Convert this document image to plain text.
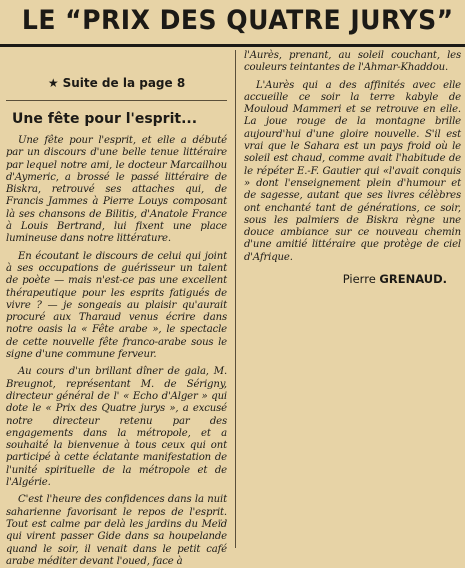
LE “PRIX DES QUATRE JURYS”
★ Suite de la page 8
Une fête pour l'esprit...

Une fête pour l'esprit, et elle a débuté par un discours d'une belle tenue littéraire par lequel notre ami, le docteur Marcailhou d'Aymeric, a brossé le passé littéraire de Biskra, retrouvé ses attaches qui, de Francis Jammes à Pierre Louys composant là ses chansons de Bilitis, d'Anatole France à Louis Bertrand, lui fixent une place lumineuse dans notre littérature.

En écoutant le discours de celui qui joint à ses occupations de guérisseur un talent de poète — mais n'est-ce pas une excellent thérapeutique pour les esprits fatigués de vivre ? — je songeais au plaisir qu'aurait procuré aux Tharaud venus écrire dans notre oasis la « Fête arabe », le spectacle de cette nouvelle fête franco-arabe sous le signe d'une commune ferveur.

Au cours d'un brillant dîner de gala, M. Breugnot, représentant M. de Sérigny, directeur général de l' « Echo d'Alger » qui dote le « Prix des Quatre jurys », a excusé notre directeur retenu par des engagements dans la métropole, et a souhaité la bienvenue à tous ceux qui ont participé à cette éclatante manifestation de l'unité spirituelle de la métropole et de l'Algérie.

C'est l'heure des confidences dans la nuit saharienne favorisant le repos de l'esprit. Tout est calme par delà les jardins du Meïd qui virent passer Gide dans sa houpelande quand le soir, il venait dans le petit café arabe méditer devant l'oued, face à

l'Aurès, prenant, au soleil couchant, les couleurs teintantes de l'Ahmar-Khaddou.

L'Aurès qui a des affinités avec elle accueille ce soir la terre kabyle de Mouloud Mammeri et se retrouve en elle. La joue rouge de la montagne brille aujourd'hui d'une gloire nouvelle. S'il est vrai que le Sahara est un pays froid où le soleil est chaud, comme avait l'habitude de le répéter E.-F. Gautier qui «l'avait conquis » dont l'enseignement plein d'humour et de sagesse, autant que ses livres célèbres ont enchanté tant de générations, ce soir, sous les palmiers de Biskra règne une douce ambiance sur ce nouveau chemin d'une amitié littéraire que protège de ciel d'Afrique.

Pierre GRENAUD.
